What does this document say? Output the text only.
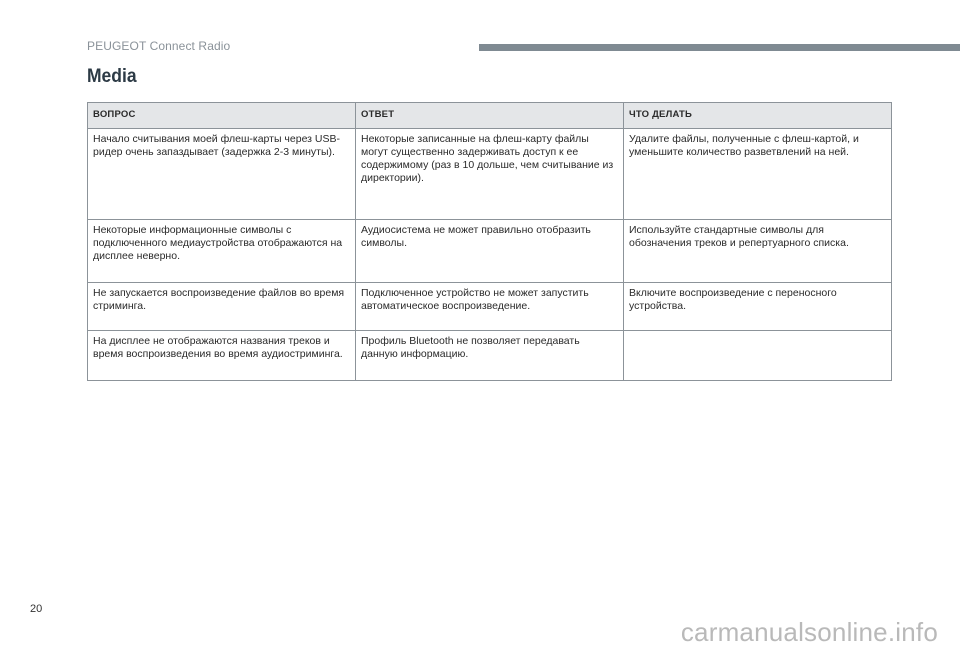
PEUGEOT Connect Radio
Media
ВОПРОС	ОТВЕТ	ЧТО ДЕЛАТЬ
Начало считывания моей флеш-карты через USB-ридер очень запаздывает (задержка 2-3 минуты).	Некоторые записанные на флеш-карту файлы могут существенно задерживать доступ к ее содержимому (раз в 10 дольше, чем считывание из директории).	Удалите файлы, полученные с флеш-картой, и уменьшите количество разветвлений на ней.
Некоторые информационные символы с подключенного медиаустройства отображаются на дисплее неверно.	Аудиосистема не может правильно отобразить символы.	Используйте стандартные символы для обозначения треков и репертуарного списка.
Не запускается воспроизведение файлов во время стриминга.	Подключенное устройство не может запустить автоматическое воспроизведение.	Включите воспроизведение с переносного устройства.
На дисплее не отображаются названия треков и время воспроизведения во время аудиостриминга.	Профиль Bluetooth не позволяет передавать данную информацию.	
20
carmanualsonline.info
